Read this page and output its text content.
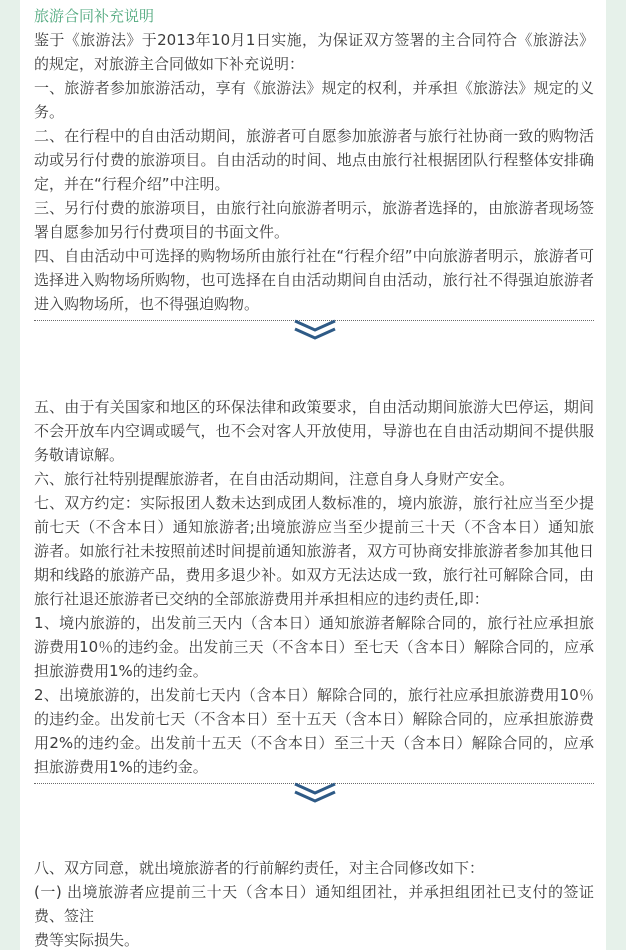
旅游合同补充说明

鉴于《旅游法》于2013年10月1日实施，为保证双方签署的主合同符合《旅游法》的规定，对旅游主合同做如下补充说明：

一、旅游者参加旅游活动，享有《旅游法》规定的权利，并承担《旅游法》规定的义务。

二、在行程中的自由活动期间，旅游者可自愿参加旅游者与旅行社协商一致的购物活动或另行付费的旅游项目。自由活动的时间、地点由旅行社根据团队行程整体安排确定，并在“行程介绍”中注明。

三、另行付费的旅游项目，由旅行社向旅游者明示，旅游者选择的，由旅游者现场签署自愿参加另行付费项目的书面文件。

四、自由活动中可选择的购物场所由旅行社在“行程介绍”中向旅游者明示，旅游者可选择进入购物场所购物，也可选择在自由活动期间自由活动，旅行社不得强迫旅游者进入购物场所，也不得强迫购物。

五、由于有关国家和地区的环保法律和政策要求，自由活动期间旅游大巴停运，期间不会开放车内空调或暖气，也不会对客人开放使用，导游也在自由活动期间不提供服务敬请谅解。

六、旅行社特别提醒旅游者，在自由活动期间，注意自身人身财产安全。

七、双方约定：实际报团人数未达到成团人数标准的，境内旅游，旅行社应当至少提前七天（不含本日）通知旅游者;出境旅游应当至少提前三十天（不含本日）通知旅游者。如旅行社未按照前述时间提前通知旅游者，双方可协商安排旅游者参加其他日期和线路的旅游产品，费用多退少补。如双方无法达成一致，旅行社可解除合同，由旅行社退还旅游者已交纳的全部旅游费用并承担相应的违约责任,即：

1、境内旅游的，出发前三天内（含本日）通知旅游者解除合同的，旅行社应承担旅游费用10％的违约金。出发前三天（不含本日）至七天（含本日）解除合同的，应承担旅游费用1%的违约金。

2、出境旅游的，出发前七天内（含本日）解除合同的，旅行社应承担旅游费用10％的违约金。出发前七天（不含本日）至十五天（含本日）解除合同的，应承担旅游费用2%的违约金。出发前十五天（不含本日）至三十天（含本日）解除合同的，应承担旅游费用1%的违约金。

八、双方同意，就出境旅游者的行前解约责任，对主合同修改如下：

(一) 出境旅游者应提前三十天（含本日）通知组团社，并承担组团社已支付的签证费、签注

费等实际损失。
